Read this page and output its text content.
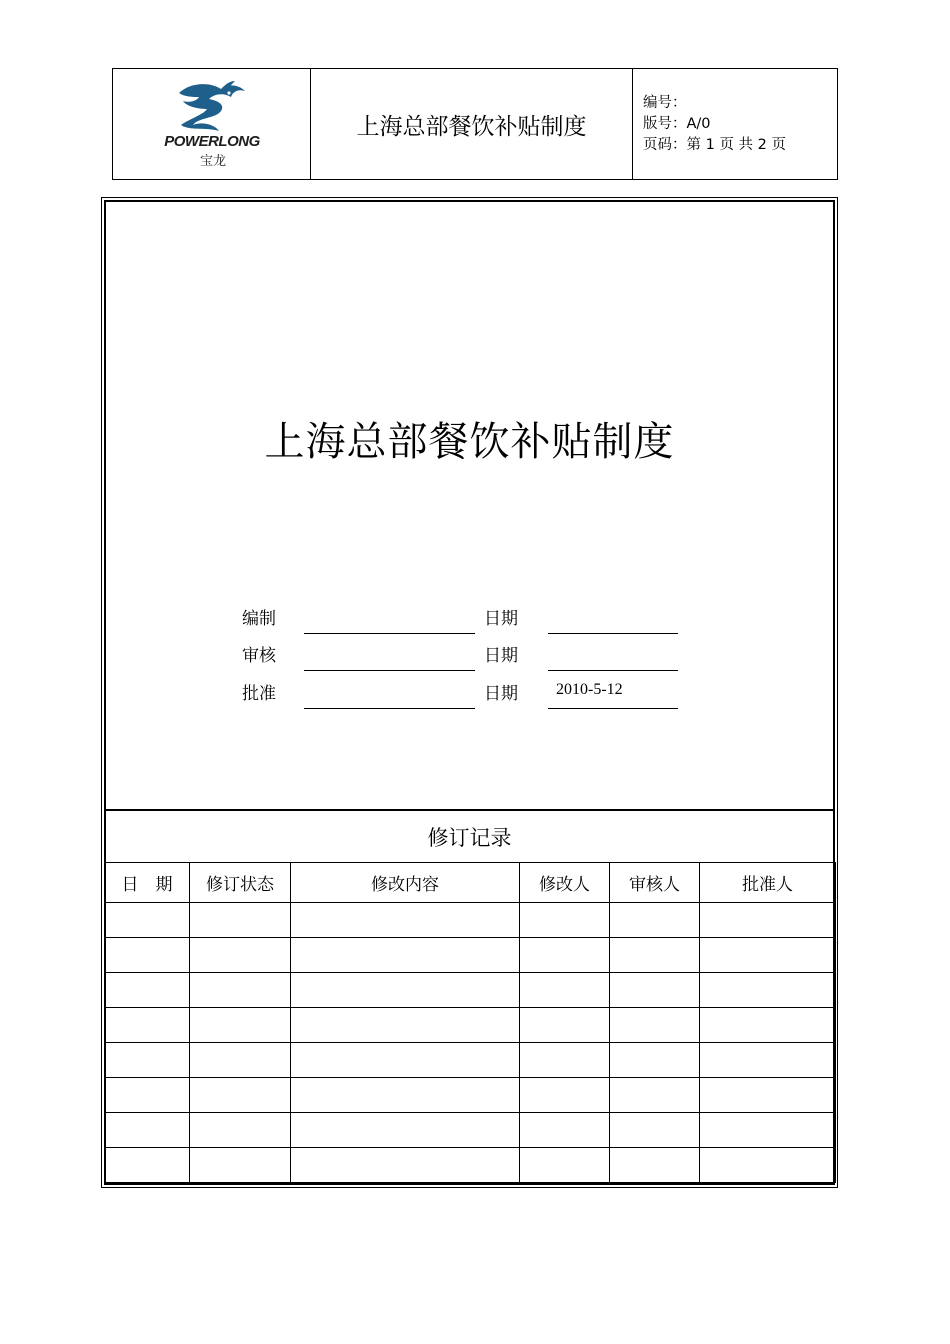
POWERLONG
宝龙
上海总部餐饮补贴制度
编号：
版号：A/0
页码：第 1 页 共 2 页
上海总部餐饮补贴制度
编制	日期
审核	日期
批准	日期 2010-5-12
修订记录
日　期	修订状态	修改内容	修改人	审核人	批准人
